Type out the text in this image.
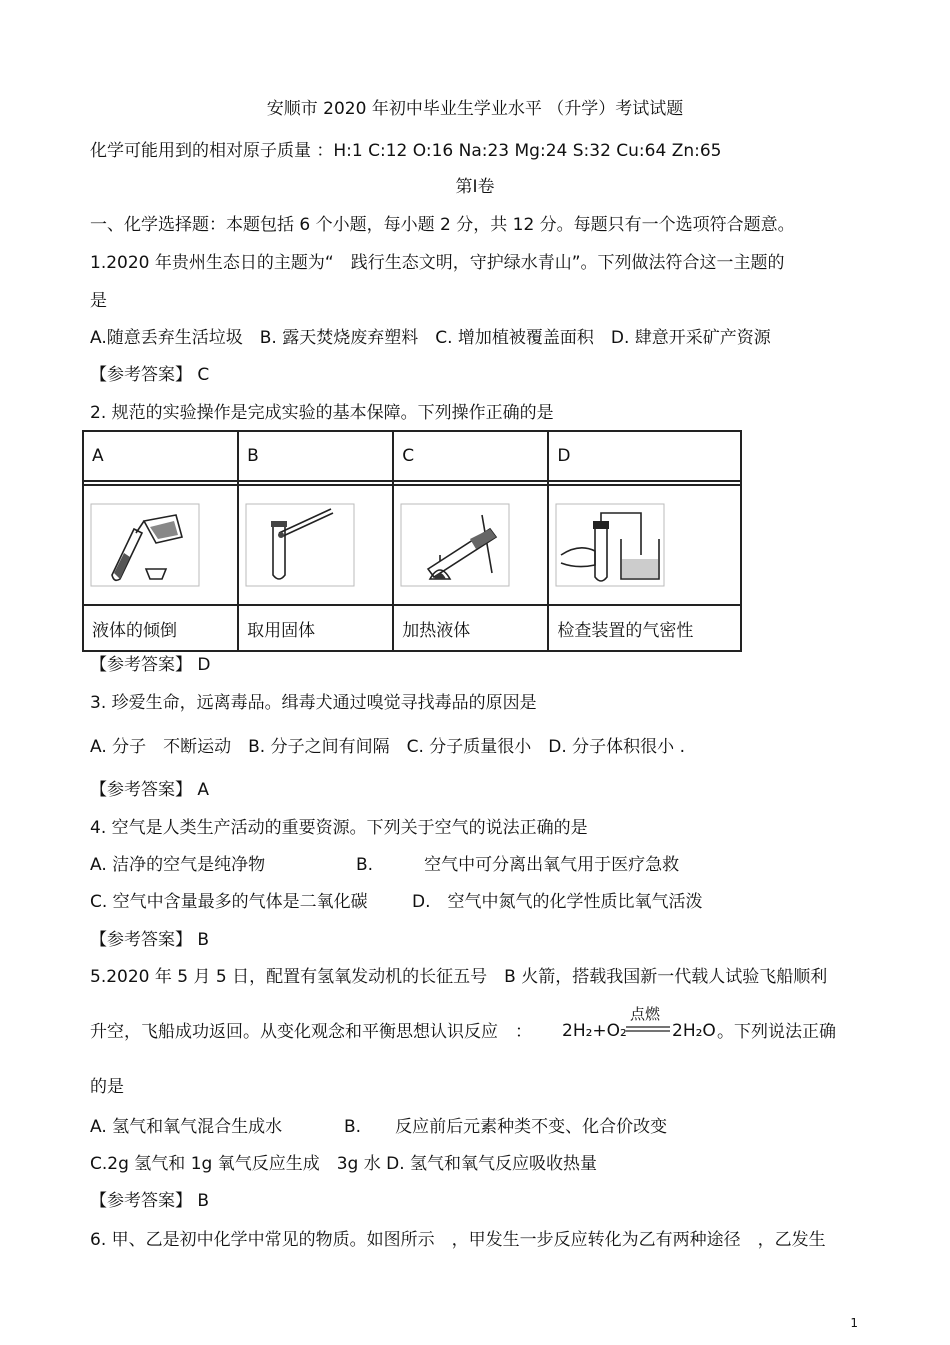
安顺市 2020 年初中毕业生学业水平 （升学）考试试题
化学可能用到的相对原子质量 ：H:1 C:12 O:16 Na:23 Mg:24 S:32 Cu:64 Zn:65
第Ⅰ卷
一、化学选择题：本题包括 6 个小题，每小题 2 分，共 12 分。每题只有一个选项符合题意。
1.2020 年贵州生态日的主题为“　践行生态文明，守护绿水青山”。下列做法符合这一主题的
是
A.随意丢弃生活垃圾　B. 露天焚烧废弃塑料　C. 增加植被覆盖面积　D. 肆意开采矿产资源
【参考答案】 C
2. 规范的实验操作是完成实验的基本保障。下列操作正确的是
A	B	C	D

液体的倾倒	取用固体	加热液体	检查装置的气密性
【参考答案】 D
3. 珍爱生命，远离毒品。缉毒犬通过嗅觉寻找毒品的原因是
A. 分子　不断运动　B. 分子之间有间隔　C. 分子质量很小　D. 分子体积很小 .
【参考答案】 A
4. 空气是人类生产活动的重要资源。下列关于空气的说法正确的是
A. 洁净的空气是纯净物	B.　　　空气中可分离出氧气用于医疗急救
C. 空气中含量最多的气体是二氧化碳	D.　空气中氮气的化学性质比氧气活泼
【参考答案】 B
5.2020 年 5 月 5 日，配置有氢氧发动机的长征五号　B 火箭，搭载我国新一代载人试验飞船顺利
升空，飞船成功返回。从变化观念和平衡思想认识反应　：
点燃
2H₂+O₂	2H₂O 。下列说法正确
的是
A. 氢气和氧气混合生成水	B.　　反应前后元素种类不变、化合价改变
C.2g 氢气和 1g 氧气反应生成　3g 水 D. 氢气和氧气反应吸收热量
【参考答案】 B
6. 甲、乙是初中化学中常见的物质。如图所示　，甲发生一步反应转化为乙有两种途径　，乙发生
1
